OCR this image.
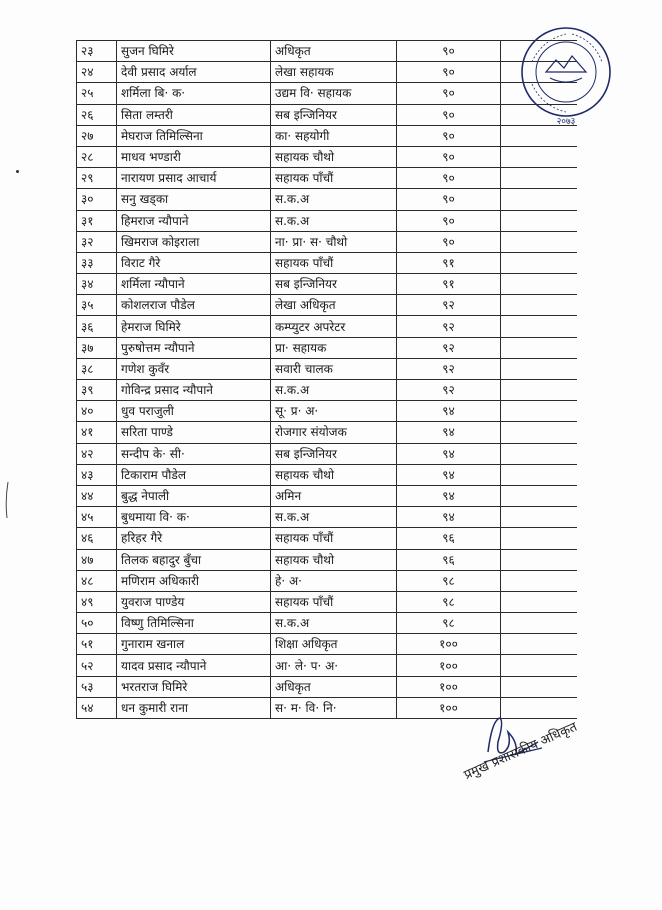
२३	सुजन घिमिरे	अधिकृत	९०	
२४	देवी प्रसाद अर्याल	लेखा सहायक	९०	
२५	शर्मिला बि· क·	उद्यम वि· सहायक	९०	
२६	सिता लम्तरी	सब इन्जिनियर	९०	
२७	मेघराज तिमिल्सिना	का· सहयोगी	९०	
२८	माधव भण्डारी	सहायक चौथो	९०	
२९	नारायण प्रसाद आचार्य	सहायक पाँचौं	९०	
३०	सनु खड्का	स.क.अ	९०	
३१	हिमराज न्यौपाने	स.क.अ	९०	
३२	खिमराज कोइराला	ना· प्रा· स· चौथो	९०	
३३	विराट गैरे	सहायक पाँचौं	९१	
३४	शर्मिला न्यौपाने	सब इन्जिनियर	९१	
३५	कोशलराज पौडेल	लेखा अधिकृत	९२	
३६	हेमराज घिमिरे	कम्प्युटर अपरेटर	९२	
३७	पुरुषोत्तम न्यौपाने	प्रा· सहायक	९२	
३८	गणेश कुवँर	सवारी चालक	९२	
३९	गोविन्द्र प्रसाद न्यौपाने	स.क.अ	९२	
४०	धुव पराजुली	सू· प्र· अ·	९४	
४१	सरिता पाण्डे	रोजगार संयोजक	९४	
४२	सन्दीप के· सी·	सब इन्जिनियर	९४	
४३	टिकाराम पौडेल	सहायक चौथो	९४	
४४	बुद्ध नेपाली	अमिन	९४	
४५	बुधमाया वि· क·	स.क.अ	९४	
४६	हरिहर गैरे	सहायक पाँचौं	९६	
४७	तिलक बहादुर बुँचा	सहायक चौथो	९६	
४८	मणिराम अधिकारी	हे· अ·	९८	
४९	युवराज पाण्डेय	सहायक पाँचौं	९८	
५०	विष्णु तिमिल्सिना	स.क.अ	९८	
५१	गुनाराम खनाल	शिक्षा अधिकृत	१००	
५२	यादव प्रसाद न्यौपाने	आ· ले· प· अ·	१००	
५३	भरतराज घिमिरे	अधिकृत	१००	
५४	धन कुमारी राना	स· म· वि· नि·	१००	
२०७३
प्रमुख प्रशासकीय अधिकृत
